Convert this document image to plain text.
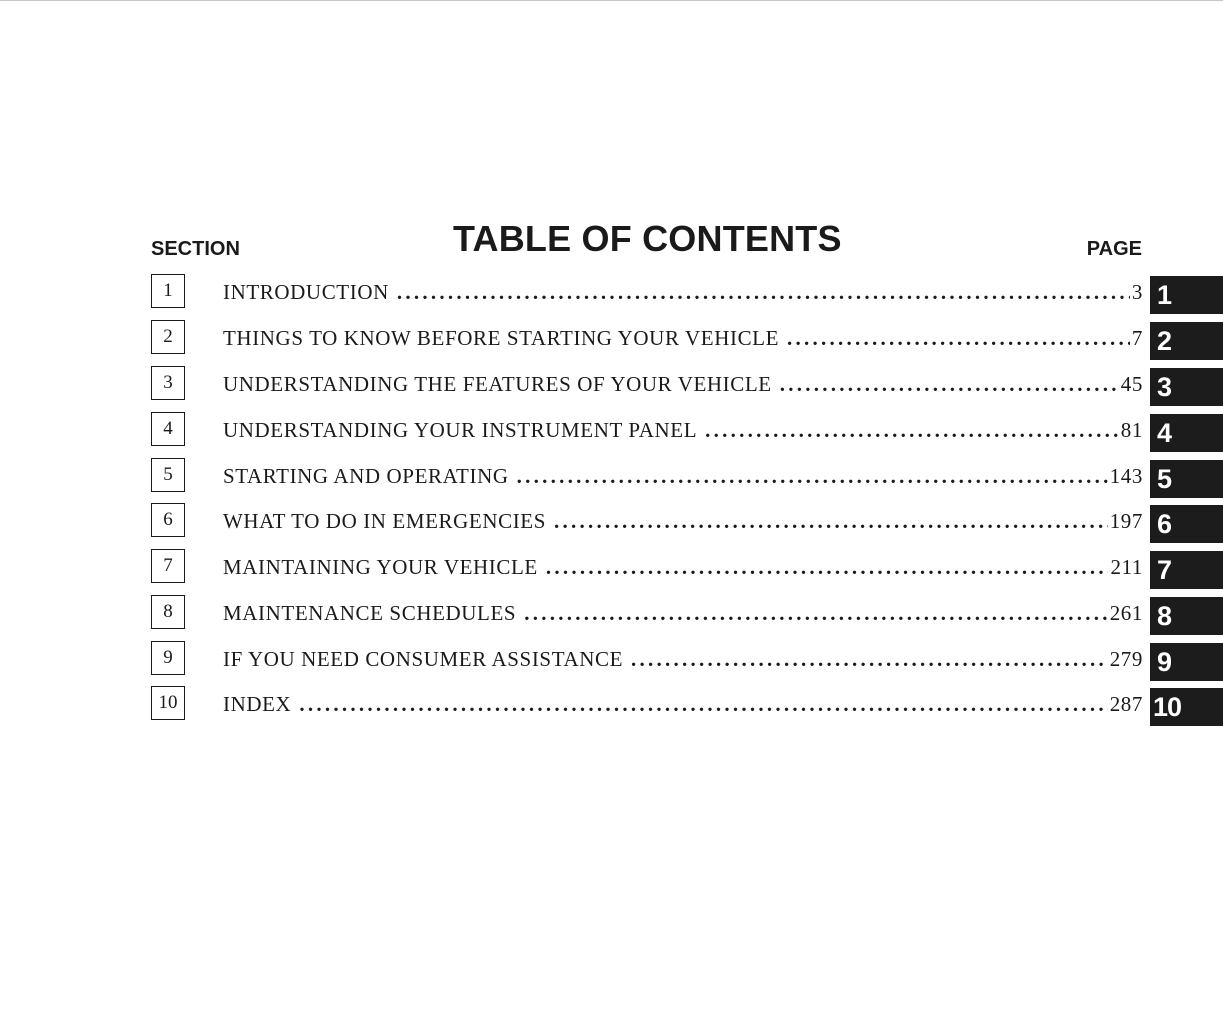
SECTION	TABLE OF CONTENTS	PAGE
1	INTRODUCTION . . .	3 1
2	THINGS TO KNOW BEFORE STARTING YOUR VEHICLE . . .	7 2
3	UNDERSTANDING THE FEATURES OF YOUR VEHICLE . . .	45 3
4	UNDERSTANDING YOUR INSTRUMENT PANEL . . .	81 4
5	STARTING AND OPERATING . . .	143 5
6	WHAT TO DO IN EMERGENCIES . . .	197 6
7	MAINTAINING YOUR VEHICLE . . .	211 7
8	MAINTENANCE SCHEDULES . . .	261 8
9	IF YOU NEED CONSUMER ASSISTANCE . . .	279 9
10	INDEX . . .	287 10
